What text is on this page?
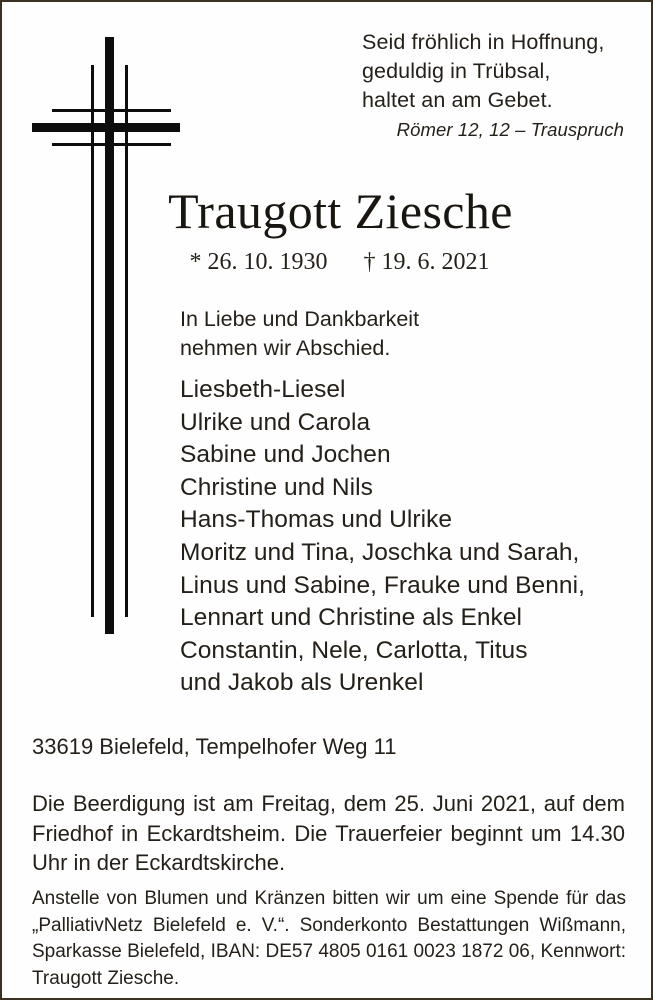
Seid fröhlich in Hoffnung,
geduldig in Trübsal,
haltet an am Gebet.
Römer 12, 12 – Trauspruch
Traugott Ziesche
* 26. 10. 1930 † 19. 6. 2021
In Liebe und Dankbarkeit
nehmen wir Abschied.
Liesbeth-Liesel
Ulrike und Carola
Sabine und Jochen
Christine und Nils
Hans-Thomas und Ulrike
Moritz und Tina, Joschka und Sarah,
Linus und Sabine, Frauke und Benni,
Lennart und Christine als Enkel
Constantin, Nele, Carlotta, Titus
und Jakob als Urenkel
33619 Bielefeld, Tempelhofer Weg 11
Die Beerdigung ist am Freitag, dem 25. Juni 2021, auf dem
Friedhof in Eckardtsheim. Die Trauerfeier beginnt um 14.30
Uhr in der Eckardtskirche.
Anstelle von Blumen und Kränzen bitten wir um eine Spende für das
„PalliativNetz Bielefeld e. V.“. Sonderkonto Bestattungen Wißmann,
Sparkasse Bielefeld, IBAN: DE57 4805 0161 0023 1872 06, Kennwort:
Traugott Ziesche.
